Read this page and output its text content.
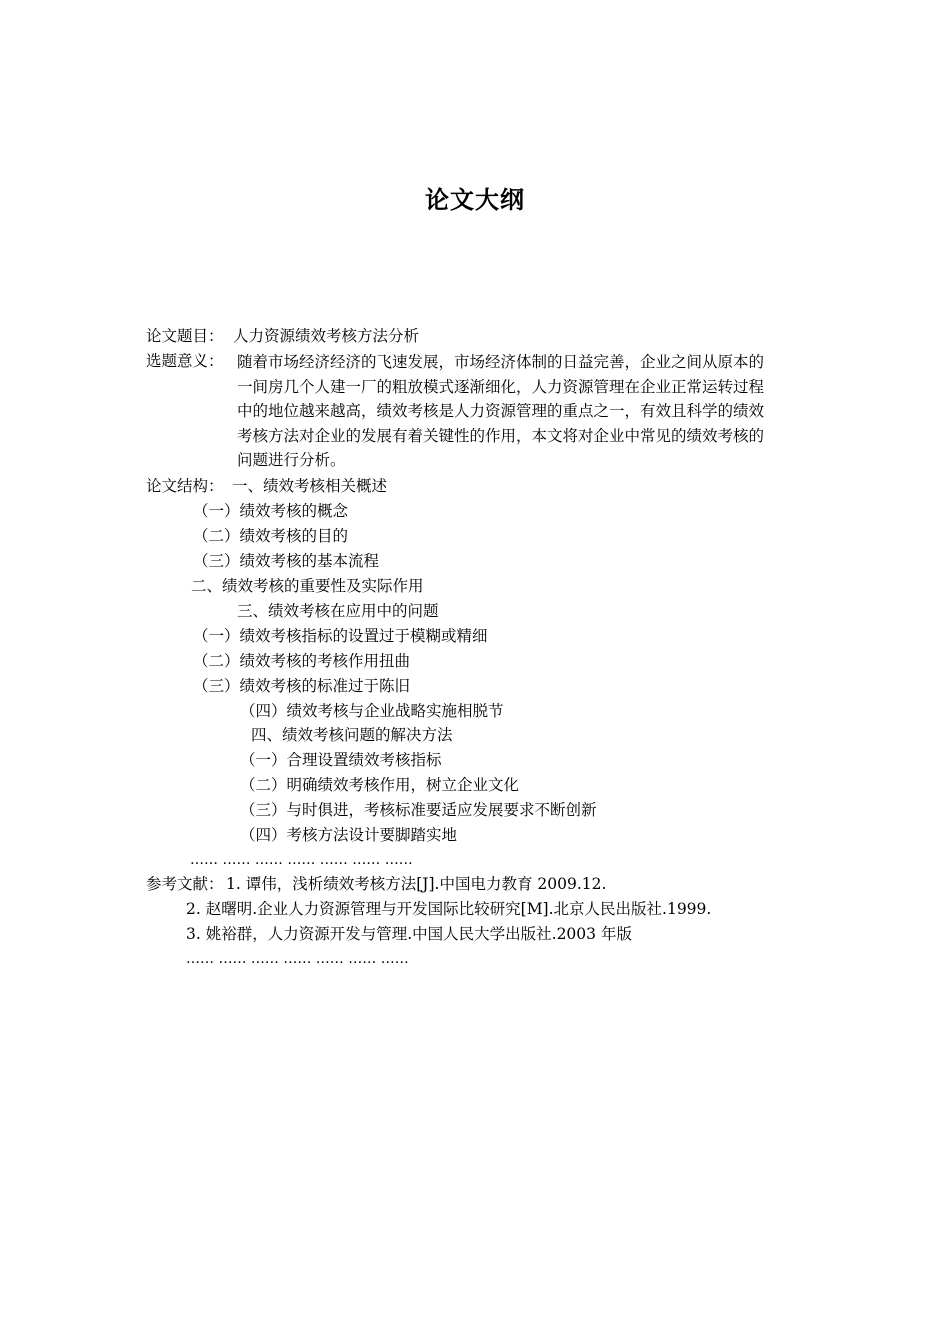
论文大纲
论文题目： 人力资源绩效考核方法分析
选题意义： 随着市场经济经济的飞速发展，市场经济体制的日益完善，企业之间从原本的
一间房几个人建一厂的粗放模式逐渐细化，人力资源管理在企业正常运转过程
中的地位越来越高，绩效考核是人力资源管理的重点之一，有效且科学的绩效
考核方法对企业的发展有着关键性的作用，本文将对企业中常见的绩效考核的
问题进行分析。
论文结构： 一、绩效考核相关概述
（一）绩效考核的概念
（二）绩效考核的目的
（三）绩效考核的基本流程
二、绩效考核的重要性及实际作用
三、绩效考核在应用中的问题
（一）绩效考核指标的设置过于模糊或精细
（二）绩效考核的考核作用扭曲
（三）绩效考核的标准过于陈旧
（四）绩效考核与企业战略实施相脱节
四、绩效考核问题的解决方法
（一）合理设置绩效考核指标
（二）明确绩效考核作用，树立企业文化
（三）与时俱进，考核标准要适应发展要求不断创新
（四）考核方法设计要脚踏实地
…… …… …… …… …… …… ……
参考文献： 1. 谭伟，浅析绩效考核方法[J].中国电力教育 2009.12.
2. 赵曙明.企业人力资源管理与开发国际比较研究[M].北京人民出版社.1999.
3. 姚裕群，人力资源开发与管理.中国人民大学出版社.2003 年版
…… …… …… …… …… …… ……
